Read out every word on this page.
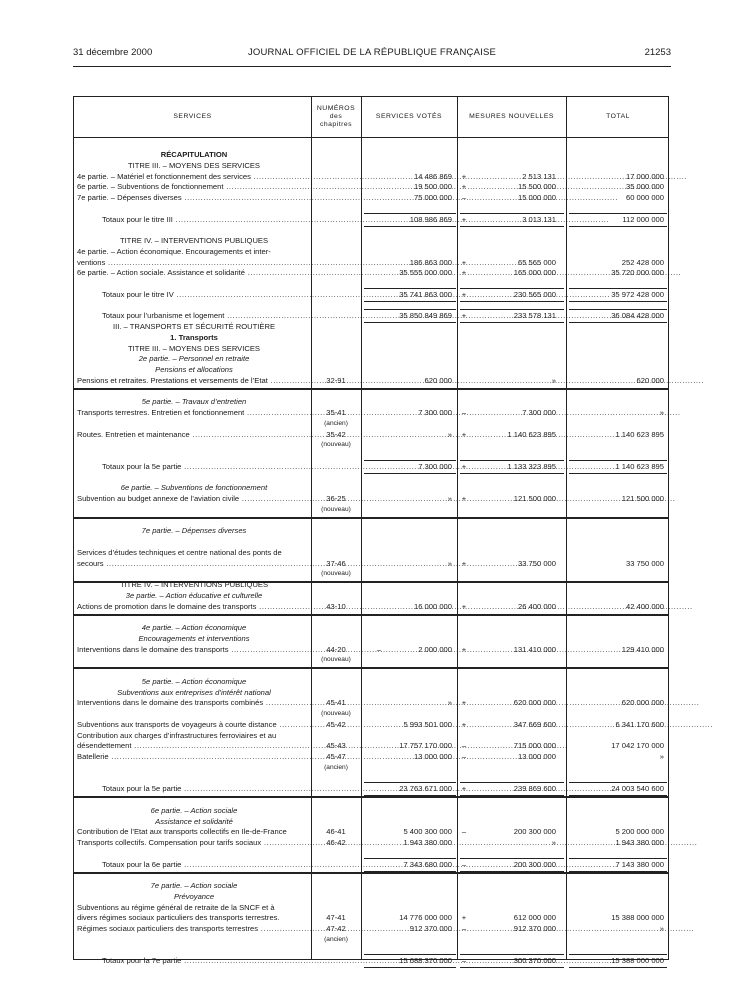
31 décembre 2000	JOURNAL OFFICIEL DE LA RÉPUBLIQUE FRANÇAISE	21253
SERVICES
NUMÉROS
des
chapitres
SERVICES VOTÉS	MESURES NOUVELLES	TOTAL
RÉCAPITULATION
TITRE III. – MOYENS DES SERVICES
4e partie. – Matériel et fonctionnement des services .....	14 486 869	+	2 513 131	17 000 000
6e partie. – Subventions de fonctionnement .....	19 500 000	+	15 500 000	35 000 000
7e partie. – Dépenses diverses .....	75 000 000	–	15 000 000	60 000 000
Totaux pour le titre III .....	108 986 869	+	3 013 131	112 000 000
TITRE IV. – INTERVENTIONS PUBLIQUES
4e partie. – Action économique. Encouragements et inter-
ventions .....	186 863 000	+	65 565 000	252 428 000
6e partie. – Action sociale. Assistance et solidarité .....	35 555 000 000	+	165 000 000	35 720 000 000
Totaux pour le titre IV .....	35 741 863 000	+	230 565 000	35 972 428 000
Totaux pour l’urbanisme et logement .....	35 850 849 869	+	233 578 131	36 084 428 000
III. – TRANSPORTS ET SÉCURITÉ ROUTIÈRE
1. Transports
TITRE III. – MOYENS DES SERVICES
2e partie. – Personnel en retraite
Pensions et allocations
Pensions et retraites. Prestations et versements de l’Etat .....	32-91	620 000	»	620 000
5e partie. – Travaux d’entretien
Transports terrestres. Entretien et fonctionnement .....	35-41	7 300 000	–	7 300 000	»
(ancien)
Routes. Entretien et maintenance .....	35-42	»	+	1 140 623 895	1 140 623 895
(nouveau)
Totaux pour la 5e partie .....	7 300 000	+	1 133 323 895	1 140 623 895
6e partie. – Subventions de fonctionnement
Subvention au budget annexe de l’aviation civile .....	36-25	»	+	121 500 000	121 500 000
(nouveau)
7e partie. – Dépenses diverses
Services d’études techniques et centre national des ponts de
secours .....	37-46	»	+	33 750 000	33 750 000
(nouveau)
TITRE IV. – INTERVENTIONS PUBLIQUES
3e partie. – Action éducative et culturelle
Actions de promotion dans le domaine des transports .....	43-10	16 000 000	+	26 400 000	42 400 000
4e partie. – Action économique
Encouragements et interventions
Interventions dans le domaine des transports .....	44-20	–	2 000 000	+	131 410 000	129 410 000
(nouveau)
5e partie. – Action économique
Subventions aux entreprises d’intérêt national
Interventions dans le domaine des transports combinés .....	45-41	»	+	620 000 000	620 000 000
(nouveau)
Subventions aux transports de voyageurs à courte distance .....	45-42	5 993 501 000	+	347 669 600	6 341 170 600
Contribution aux charges d’infrastructures ferroviaires et au
désendettement .....	45-43	17 757 170 000	–	715 000 000	17 042 170 000
Batellerie .....	45-47	13 000 000	–	13 000 000	»
(ancien)
Totaux pour la 5e partie .....	23 763 671 000	+	239 869 600	24 003 540 600
6e partie. – Action sociale
Assistance et solidarité
Contribution de l’Etat aux transports collectifs en Ile-de-France	46-41	5 400 300 000	–	200 300 000	5 200 000 000
Transports collectifs. Compensation pour tarifs sociaux .....	46-42	1 943 380 000	»	1 943 380 000
Totaux pour la 6e partie .....	7 343 680 000	–	200 300 000	7 143 380 000
7e partie. – Action sociale
Prévoyance
Subventions au régime général de retraite de la SNCF et à
divers régimes sociaux particuliers des transports terrestres.	47-41	14 776 000 000	+	612 000 000	15 388 000 000
Régimes sociaux particuliers des transports terrestres .....	47-42	912 370 000	–	912 370 000	»
(ancien)
Totaux pour la 7e partie .....	15 688 370 000	–	300 370 000	15 388 000 000
